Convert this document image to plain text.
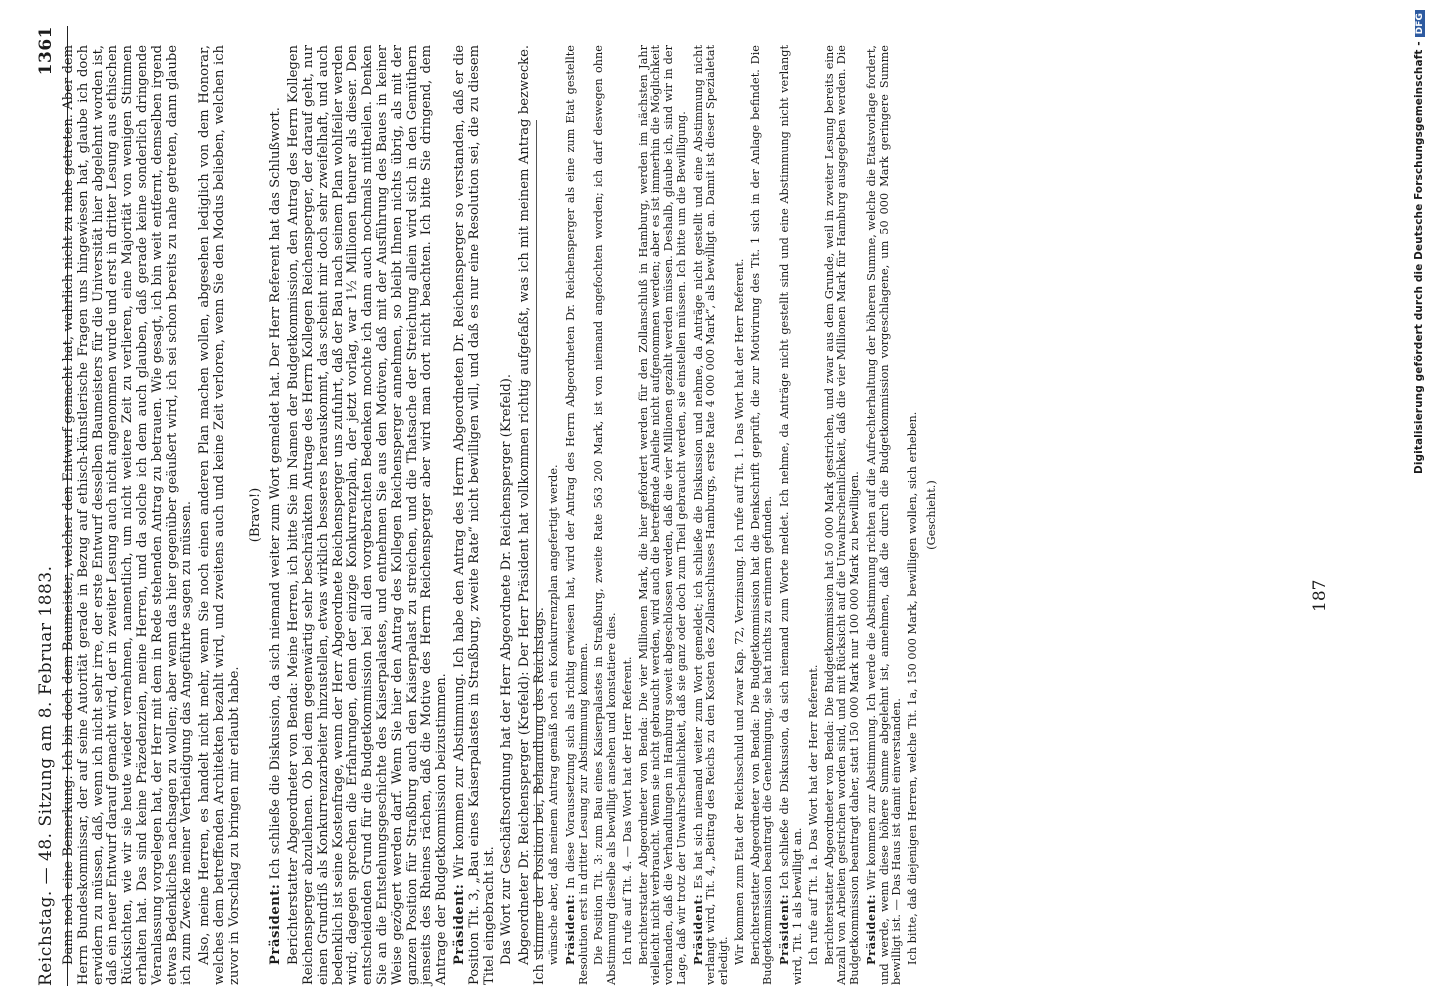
Reichstag. — 48. Sitzung am 8. Februar 1883.
1361 Dann noch eine Bemerkung: Ich bin doch dem Baumeister, welcher den Entwurf gemacht hat, wahrlich nicht zu nahe getreten. Aber dem Herrn Bundeskommissar, der auf seine Autorität gerade in Bezug auf ethisch-künstlerische Fragen uns hingewiesen hat, glaube ich doch erwidern zu müssen, daß, wenn ich nicht sehr irre, der erste Entwurf desselben Baumeisters für die Universität hier abgelehnt worden ist, daß ein neuer Entwurf darauf gemacht wird, der in zweiter Lesung auch nicht angenommen wurde und erst in dritter Lesung aus ethischen Rücksichten, wie wir sie heute wieder vernehmen, namentlich, um nicht weitere Zeit zu verlieren, eine Majorität von wenigen Stimmen erhalten hat. Das sind keine Präzedenzien, meine Herren, und da solche ich dem auch glauben, daß gerade keine sonderlich dringende Veranlassung vorgelegen hat, der Herr mit dem in Rede stehenden Antrag zu betrauen. Wie gesagt, ich bin weit entfernt, demselben irgend etwas Bedenkliches nachsagen zu wollen; aber wenn das hier gegenüber geäußert wird, ich sei schon bereits zu nahe getreten, dann glaube ich zum Zwecke meiner Vertheidigung das Angeführte sagen zu müssen. Also, meine Herren, es handelt nicht mehr, wenn Sie noch einen anderen Plan machen wollen, abgesehen lediglich von dem Honorar, welches dem betreffenden Architekten bezahlt wird, und zweitens auch und keine Zeit verloren, wenn Sie den Modus belieben, welchen ich zuvor in Vorschlag zu bringen mir erlaubt habe.

(Bravo!)

Präsident: Ich schließe die Diskussion, da sich niemand weiter zum Wort gemeldet hat. Der Herr Referent hat das Schlußwort. Berichterstatter Abgeordneter von Benda: Meine Herren, ich bitte Sie im Namen der Budgetkommission, den Antrag des Herrn Kollegen Reichensperger abzulehnen. Ob bei dem gegenwärtig sehr beschränkten Antrage des Herrn Kollegen Reichensperger, der darauf geht, nur einen Grundriß als Konkurrenzarbeiter hinzustellen, etwas wirklich besseres herauskommt, das scheint mir doch sehr zweifelhaft, und auch bedenklich ist seine Kostenfrage, wenn der Herr Abgeordnete Reichensperger uns zufuhrt, daß der Bau nach seinem Plan wohlfeiler werden wird; dagegen sprechen die Erfahrungen, denn der einzige Konkurrenzplan, der jetzt vorlag, war 1½ Millionen theurer als dieser. Den entscheidenden Grund für die Budgetkommission bei all den vorgebrachten Bedenken mochte ich dann auch nochmals mittheilen. Denken Sie an die Entstehungsgeschichte des Kaiserpalastes, und entnehmen Sie aus den Motiven, daß mit der Ausführung des Baues in keiner Weise gezögert werden darf. Wenn Sie hier den Antrag des Kollegen Reichensperger annehmen, so bleibt Ihnen nichts übrig, als mit der ganzen Position für Straßburg auch den Kaiserpalast zu streichen, und die Thatsache der Streichung allein wird sich in den Gemüthern jenseits des Rheines rächen, daß die Motive des Herrn Reichensperger aber wird man dort nicht beachten. Ich bitte Sie dringend, dem Antrage der Budgetkommission beizustimmen. Präsident: Wir kommen zur Abstimmung. Ich habe den Antrag des Herrn Abgeordneten Dr. Reichensperger so verstanden, daß er die Position Tit. 3, „Bau eines Kaiserpalastes in Straßburg, zweite Rate“ nicht bewilligen will, und daß es nur eine Resolution sei, die zu diesem Titel eingebracht ist. Das Wort zur Geschäftsordnung hat der Herr Abgeordnete Dr. Reichensperger (Krefeld). Abgeordneter Dr. Reichensperger (Krefeld): Der Herr Präsident hat vollkommen richtig aufgefaßt, was ich mit meinem Antrag bezwecke. Ich stimme der Position bei, Behandlung des Reichstags. wünsche aber, daß meinem Antrag gemäß noch ein Konkurrenzplan angefertigt werde. Präsident: In diese Voraussetzung sich als richtig erwiesen hat, wird der Antrag des Herrn Abgeordneten Dr. Reichensperger als eine zum Etat gestellte Resolution erst in dritter Lesung zur Abstimmung kommen. Die Position Tit. 3: zum Bau eines Kaiserpalastes in Straßburg, zweite Rate 563 200 Mark, ist von niemand angefochten worden; ich darf deswegen ohne Abstimmung dieselbe als bewilligt ansehen und konstatiere dies. Ich rufe auf Tit. 4. — Das Wort hat der Herr Referent. Berichterstatter Abgeordneter von Benda: Die vier Millionen Mark, die hier gefordert werden für den Zollanschluß in Hamburg, werden im nächsten Jahr vielleicht nicht verbraucht. Wenn sie nicht gebraucht werden, wird auch die betreffende Anleihe nicht aufgenommen werden; aber es ist immerhin die Möglichkeit vorhanden, daß die Verhandlungen in Hamburg soweit abgeschlossen werden, daß die vier Millionen gezahlt werden müssen. Deshalb, glaube ich, sind wir in der Lage, daß wir trotz der Unwahrscheinlichkeit, daß sie ganz oder doch zum Theil gebraucht werden, sie einstellen müssen. Ich bitte um die Bewilligung. Präsident: Es hat sich niemand weiter zum Wort gemeldet; ich schließe die Diskussion und nehme, da Anträge nicht gestellt und eine Abstimmung nicht verlangt wird, Tit. 4, „Beitrag des Reichs zu den Kosten des Zollanschlusses Hamburgs, erste Rate 4 000 000 Mark“, als bewilligt an. Damit ist dieser Spezialetat erledigt. Wir kommen zum Etat der Reichsschuld und zwar Kap. 72, Verzinsung. Ich rufe auf Tit. 1. Das Wort hat der Herr Referent. Berichterstatter Abgeordneter von Benda: Die Budgetkommission hat die Denkschrift geprüft, die zur Motivirung des Tit. 1 sich in der Anlage befindet. Die Budgetkommission beantragt die Genehmigung, sie hat nichts zu erinnern gefunden. Präsident: Ich schließe die Diskussion, da sich niemand zum Worte meldet. Ich nehme, da Anträge nicht gestellt sind und eine Abstimmung nicht verlangt wird, Tit. 1 als bewilligt an. Ich rufe auf Tit. 1a. Das Wort hat der Herr Referent. Berichterstatter Abgeordneter von Benda: Die Budgetkommission hat 50 000 Mark gestrichen, und zwar aus dem Grunde, weil in zweiter Lesung bereits eine Anzahl von Arbeiten gestrichen worden sind, und mit Rücksicht auf die Unwahrscheinlichkeit, daß die vier Millionen Mark für Hamburg ausgegeben werden. Die Budgetkommission beantragt daher, statt 150 000 Mark nur 100 000 Mark zu bewilligen. Präsident: Wir kommen zur Abstimmung. Ich werde die Abstimmung richten auf die Aufrechterhaltung der höheren Summe, welche die Etatsvorlage fordert, und werde, wenn diese höhere Summe abgelehnt ist, annehmen, daß die durch die Budgetkommission vorgeschlagene, um 50 000 Mark geringere Summe bewilligt ist. — Das Haus ist damit einverstanden. Ich bitte, daß diejenigen Herren, welche Tit. 1a, 150 000 Mark, bewilligen wollen, sich erheben. (Geschieht.)

187
Digitalisierung gefördert durch die Deutsche Forschungsgemeinschaft -DFG
